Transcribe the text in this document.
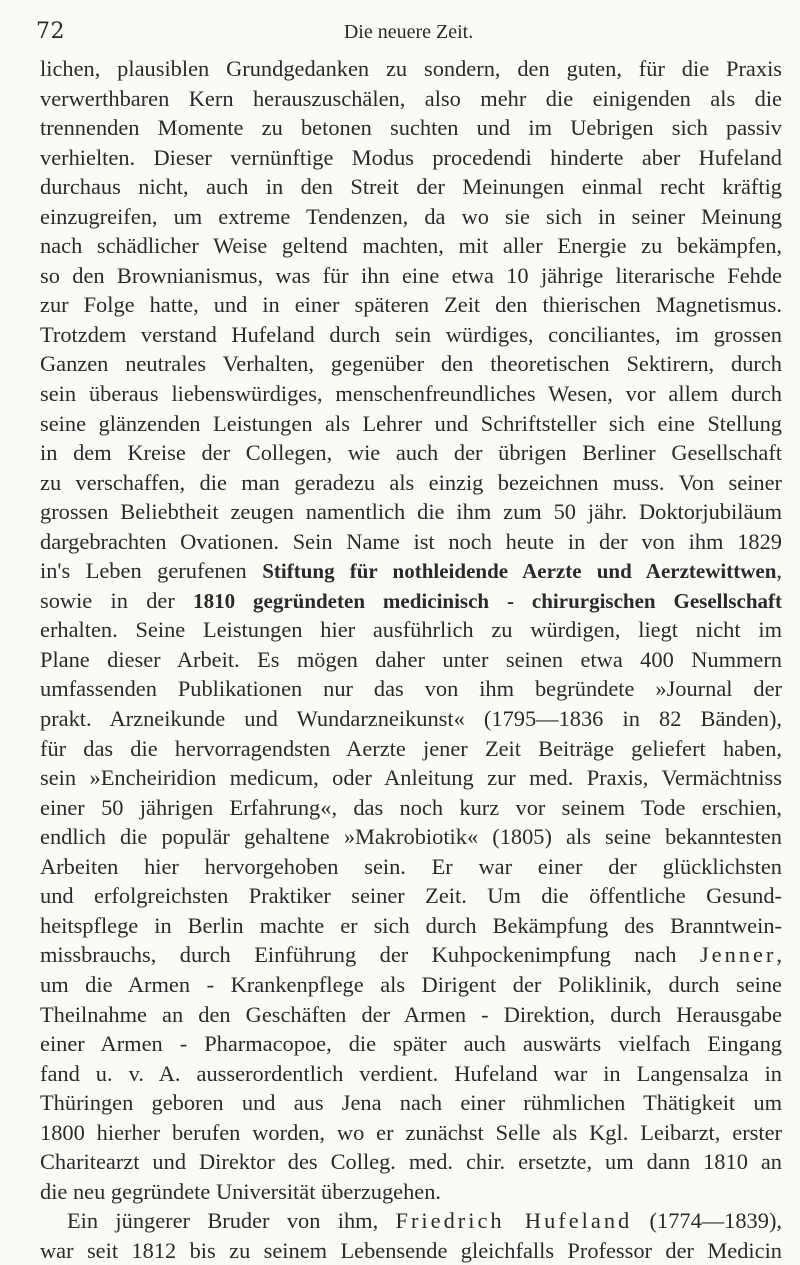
72	Die neuere Zeit.
lichen, plausiblen Grundgedanken zu sondern, den guten, für die Praxis
verwerthbaren Kern herauszuschälen, also mehr die einigenden als die
trennenden Momente zu betonen suchten und im Uebrigen sich passiv
verhielten. Dieser vernünftige Modus procedendi hinderte aber Hufeland
durchaus nicht, auch in den Streit der Meinungen einmal recht kräftig
einzugreifen, um extreme Tendenzen, da wo sie sich in seiner Meinung
nach schädlicher Weise geltend machten, mit aller Energie zu bekämpfen,
so den Brownianismus, was für ihn eine etwa 10 jährige literarische Fehde
zur Folge hatte, und in einer späteren Zeit den thierischen Magnetismus.
Trotzdem verstand Hufeland durch sein würdiges, conciliantes, im grossen
Ganzen neutrales Verhalten, gegenüber den theoretischen Sektirern, durch
sein überaus liebenswürdiges, menschenfreundliches Wesen, vor allem durch
seine glänzenden Leistungen als Lehrer und Schriftsteller sich eine Stellung
in dem Kreise der Collegen, wie auch der übrigen Berliner Gesellschaft
zu verschaffen, die man geradezu als einzig bezeichnen muss. Von seiner
grossen Beliebtheit zeugen namentlich die ihm zum 50 jähr. Doktorjubiläum
dargebrachten Ovationen. Sein Name ist noch heute in der von ihm 1829
in's Leben gerufenen Stiftung für nothleidende Aerzte und Aerztewittwen,
sowie in der 1810 gegründeten medicinisch - chirurgischen Gesellschaft
erhalten. Seine Leistungen hier ausführlich zu würdigen, liegt nicht im
Plane dieser Arbeit. Es mögen daher unter seinen etwa 400 Nummern
umfassenden Publikationen nur das von ihm begründete »Journal der
prakt. Arzneikunde und Wundarzneikunst« (1795—1836 in 82 Bänden),
für das die hervorragendsten Aerzte jener Zeit Beiträge geliefert haben,
sein »Encheiridion medicum, oder Anleitung zur med. Praxis, Vermächtniss
einer 50 jährigen Erfahrung«, das noch kurz vor seinem Tode erschien,
endlich die populär gehaltene »Makrobiotik« (1805) als seine bekanntesten
Arbeiten hier hervorgehoben sein. Er war einer der glücklichsten
und erfolgreichsten Praktiker seiner Zeit. Um die öffentliche Gesund-
heitspflege in Berlin machte er sich durch Bekämpfung des Branntwein-
missbrauchs, durch Einführung der Kuhpockenimpfung nach Jenner,
um die Armen - Krankenpflege als Dirigent der Poliklinik, durch seine
Theilnahme an den Geschäften der Armen - Direktion, durch Herausgabe
einer Armen - Pharmacopoe, die später auch auswärts vielfach Eingang
fand u. v. A. ausserordentlich verdient. Hufeland war in Langensalza in
Thüringen geboren und aus Jena nach einer rühmlichen Thätigkeit um
1800 hierher berufen worden, wo er zunächst Selle als Kgl. Leibarzt, erster
Charitearzt und Direktor des Colleg. med. chir. ersetzte, um dann 1810 an
die neu gegründete Universität überzugehen.
Ein jüngerer Bruder von ihm, Friedrich Hufeland (1774—1839),
war seit 1812 bis zu seinem Lebensende gleichfalls Professor der Medicin
